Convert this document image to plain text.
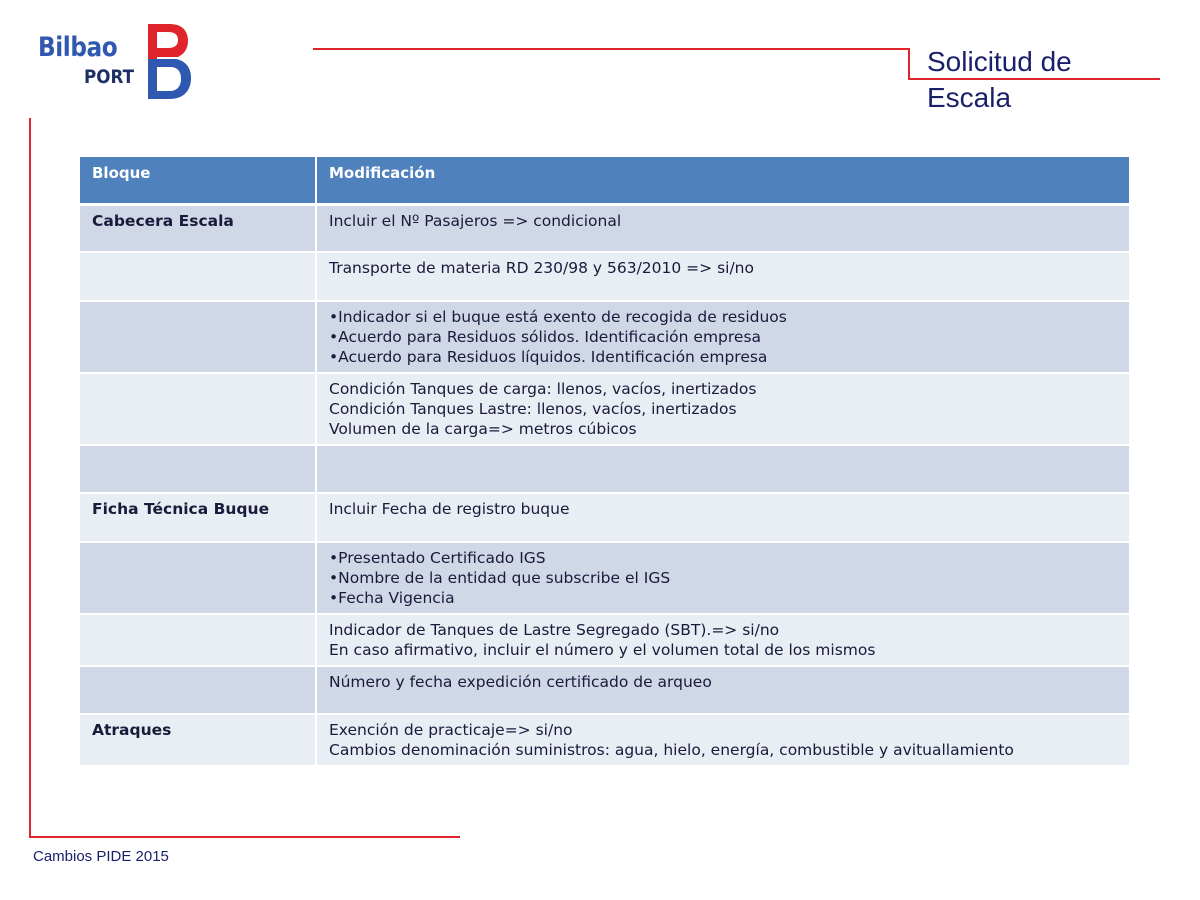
Bilbao
PORT	Solicitud de

Escala

Bloque	Modificación
Cabecera Escala	Incluir el Nº Pasajeros => condicional

	Transporte de materia RD 230/98 y 563/2010 => si/no

	•Indicador si el buque está exento de recogida de residuos
•Acuerdo para Residuos sólidos. Identificación empresa
•Acuerdo para Residuos líquidos. Identificación empresa

	Condición Tanques de carga: llenos, vacíos, inertizados
Condición Tanques Lastre: llenos, vacíos, inertizados
Volumen de la carga=> metros cúbicos

Ficha Técnica Buque	Incluir Fecha de registro buque

	•Presentado Certificado IGS
•Nombre de la entidad que subscribe el IGS
•Fecha Vigencia

	Indicador de Tanques de Lastre Segregado (SBT).=> si/no
En caso afirmativo, incluir el número y el volumen total de los mismos

	Número y fecha expedición certificado de arqueo

Atraques	Exención de practicaje=> si/no
Cambios denominación suministros: agua, hielo, energía, combustible y avituallamiento
Cambios PIDE 2015
